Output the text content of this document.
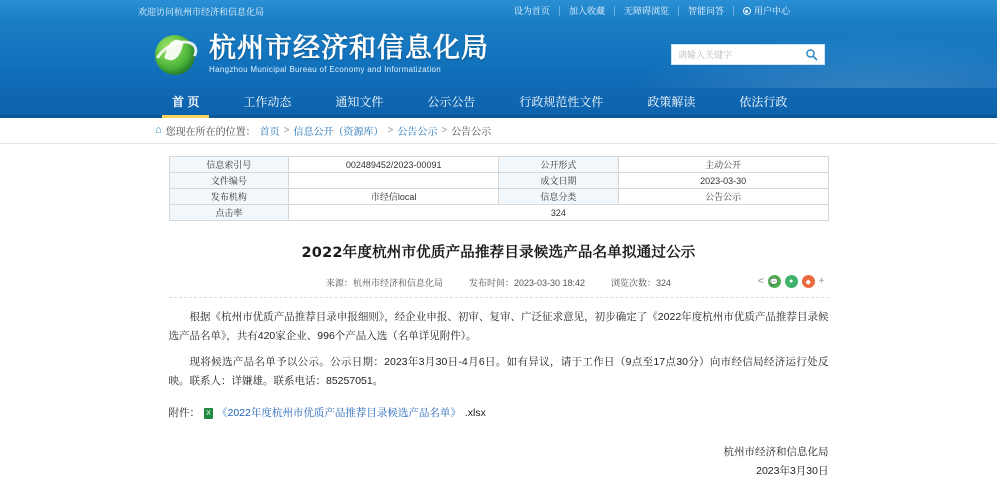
欢迎访问杭州市经济和信息化局	设为首页	加入收藏	无障碍浏览	智能问答	用户中心
杭州市经济和信息化局
Hangzhou Municipal Bureau of Economy and Informatization
请输入关键字
首 页	工作动态	通知文件	公示公告	行政规范性文件	政策解读	依法行政
⌂ 您现在所在的位置： 首页 > 信息公开（资源库） > 公告公示 > 公告公示
信息索引号	002489452/2023-00091	公开形式	主动公开
文件编号		成文日期	2023-03-30
发布机构	市经信local	信息分类	公告公示
点击率	324		
2022年度杭州市优质产品推荐目录候选产品名单拟通过公示
来源：杭州市经济和信息化局	发布时间：2023-03-30 18:42	浏览次数：324	< 💬	●	◆ +

根据《杭州市优质产品推荐目录申报细则》，经企业申报、初审、复审、广泛征求意见，初步确定了《2022年度杭州市优质产品推荐目录候选产品名单》，共有420家企业、996个产品入选（名单详见附件）。

现将候选产品名单予以公示。公示日期：2023年3月30日-4月6日。如有异议，请于工作日（9点至17点30分）向市经信局经济运行处反映。联系人：详嫌雄。联系电话：85257051。

附件： X 《2022年度杭州市优质产品推荐目录候选产品名单》 .xlsx
杭州市经济和信息化局
2023年3月30日
